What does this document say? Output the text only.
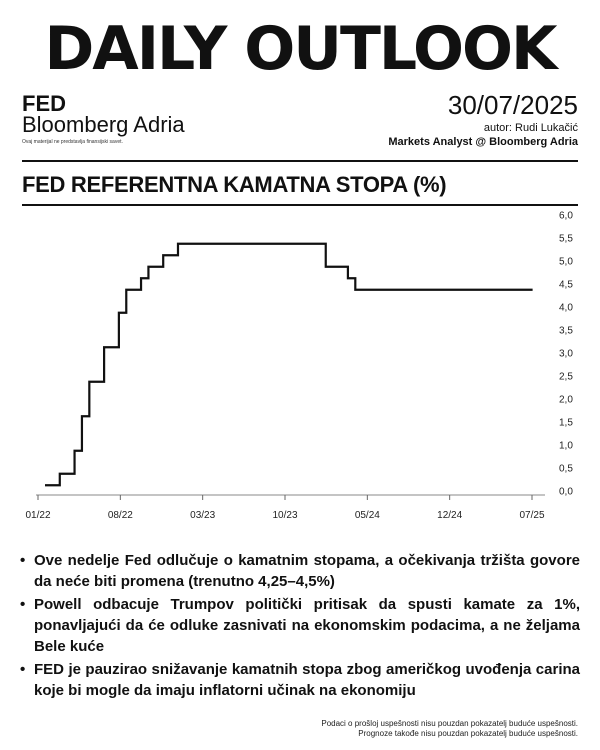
DAILY OUTLOOK
FED
Bloomberg Adria
Ovaj materijal ne predstavlja finansijski savet.
30/07/2025
autor: Rudi Lukačić
Markets Analyst @ Bloomberg Adria
FED REFERENTNA KAMATNA STOPA (%)
0,0
0,5
1,0
1,5
2,0
2,5
3,0
3,5
4,0
4,5
5,0
5,5
6,0
01/22	08/22	03/23	10/23	05/24	12/24	07/25
• Ove nedelje Fed odlučuje o kamatnim stopama, a očekivanja tržišta govore da neće biti promena (trenutno 4,25–4,5%)
• Powell odbacuje Trumpov politički pritisak da spusti kamate za 1%, ponavljajući da će odluke zasnivati na ekonomskim podacima, a ne željama Bele kuće
• FED je pauzirao snižavanje kamatnih stopa zbog američkog uvođenja carina koje bi mogle da imaju inflatorni učinak na ekonomiju
Podaci o prošloj uspešnosti nisu pouzdan pokazatelj buduće uspešnosti.
Prognoze takođe nisu pouzdan pokazatelj buduće uspešnosti.
